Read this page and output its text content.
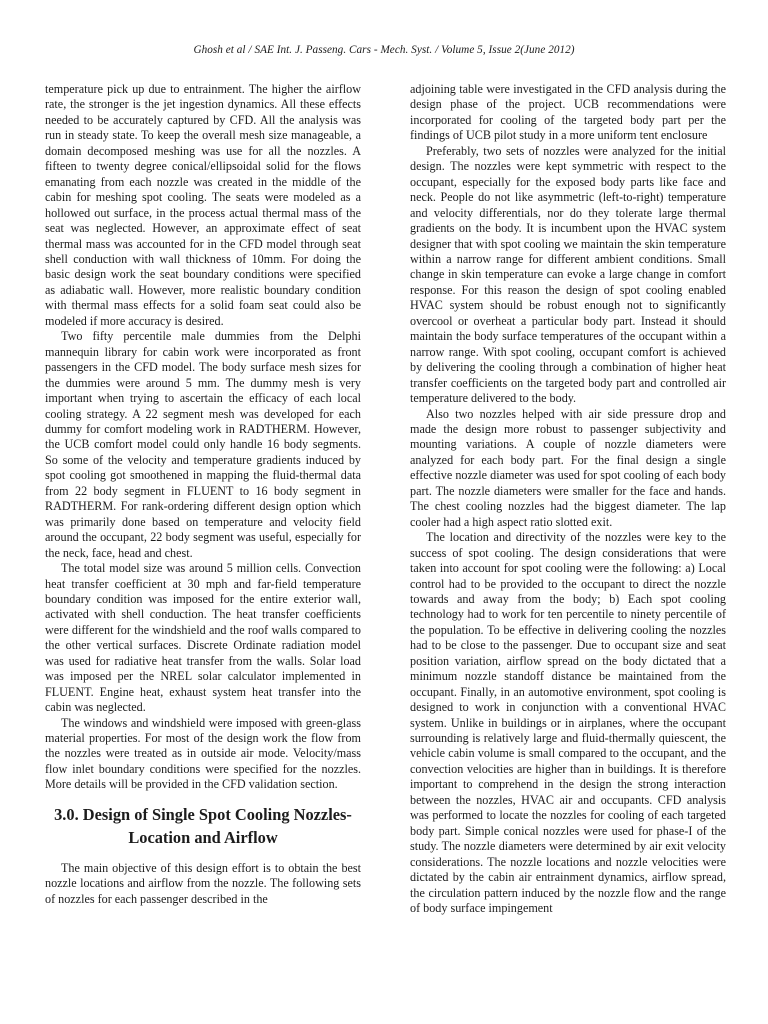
Ghosh et al / SAE Int. J. Passeng. Cars - Mech. Syst. / Volume 5, Issue 2(June 2012)

temperature pick up due to entrainment. The higher the airflow rate, the stronger is the jet ingestion dynamics. All these effects needed to be accurately captured by CFD. All the analysis was run in steady state. To keep the overall mesh size manageable, a domain decomposed meshing was use for all the nozzles. A fifteen to twenty degree conical/ellipsoidal solid for the flows emanating from each nozzle was created in the middle of the cabin for meshing spot cooling. The seats were modeled as a hollowed out surface, in the process actual thermal mass of the seat was neglected. However, an approximate effect of seat thermal mass was accounted for in the CFD model through seat shell conduction with wall thickness of 10mm. For doing the basic design work the seat boundary conditions were specified as adiabatic wall. However, more realistic boundary condition with thermal mass effects for a solid foam seat could also be modeled if more accuracy is desired.

Two fifty percentile male dummies from the Delphi mannequin library for cabin work were incorporated as front passengers in the CFD model. The body surface mesh sizes for the dummies were around 5 mm. The dummy mesh is very important when trying to ascertain the efficacy of each local cooling strategy. A 22 segment mesh was developed for each dummy for comfort modeling work in RADTHERM. However, the UCB comfort model could only handle 16 body segments. So some of the velocity and temperature gradients induced by spot cooling got smoothened in mapping the fluid-thermal data from 22 body segment in FLUENT to 16 body segment in RADTHERM. For rank-ordering different design option which was primarily done based on temperature and velocity field around the occupant, 22 body segment was useful, especially for the neck, face, head and chest.

The total model size was around 5 million cells. Convection heat transfer coefficient at 30 mph and far-field temperature boundary condition was imposed for the entire exterior wall, activated with shell conduction. The heat transfer coefficients were different for the windshield and the roof walls compared to the other vertical surfaces. Discrete Ordinate radiation model was used for radiative heat transfer from the walls. Solar load was imposed per the NREL solar calculator implemented in FLUENT. Engine heat, exhaust system heat transfer into the cabin was neglected.

The windows and windshield were imposed with green-glass material properties. For most of the design work the flow from the nozzles were treated as in outside air mode. Velocity/mass flow inlet boundary conditions were specified for the nozzles. More details will be provided in the CFD validation section.

3.0. Design of Single Spot Cooling Nozzles- Location and Airflow

The main objective of this design effort is to obtain the best nozzle locations and airflow from the nozzle. The following sets of nozzles for each passenger described in the

adjoining table were investigated in the CFD analysis during the design phase of the project. UCB recommendations were incorporated for cooling of the targeted body part per the findings of UCB pilot study in a more uniform tent enclosure

Preferably, two sets of nozzles were analyzed for the initial design. The nozzles were kept symmetric with respect to the occupant, especially for the exposed body parts like face and neck. People do not like asymmetric (left-to-right) temperature and velocity differentials, nor do they tolerate large thermal gradients on the body. It is incumbent upon the HVAC system designer that with spot cooling we maintain the skin temperature within a narrow range for different ambient conditions. Small change in skin temperature can evoke a large change in comfort response. For this reason the design of spot cooling enabled HVAC system should be robust enough not to significantly overcool or overheat a particular body part. Instead it should maintain the body surface temperatures of the occupant within a narrow range. With spot cooling, occupant comfort is achieved by delivering the cooling through a combination of higher heat transfer coefficients on the targeted body part and controlled air temperature delivered to the body.

Also two nozzles helped with air side pressure drop and made the design more robust to passenger subjectivity and mounting variations. A couple of nozzle diameters were analyzed for each body part. For the final design a single effective nozzle diameter was used for spot cooling of each body part. The nozzle diameters were smaller for the face and hands. The chest cooling nozzles had the biggest diameter. The lap cooler had a high aspect ratio slotted exit.

The location and directivity of the nozzles were key to the success of spot cooling. The design considerations that were taken into account for spot cooling were the following: a) Local control had to be provided to the occupant to direct the nozzle towards and away from the body; b) Each spot cooling technology had to work for ten percentile to ninety percentile of the population. To be effective in delivering cooling the nozzles had to be close to the passenger. Due to occupant size and seat position variation, airflow spread on the body dictated that a minimum nozzle standoff distance be maintained from the occupant. Finally, in an automotive environment, spot cooling is designed to work in conjunction with a conventional HVAC system. Unlike in buildings or in airplanes, where the occupant surrounding is relatively large and fluid-thermally quiescent, the vehicle cabin volume is small compared to the occupant, and the convection velocities are higher than in buildings. It is therefore important to comprehend in the design the strong interaction between the nozzles, HVAC air and occupants. CFD analysis was performed to locate the nozzles for cooling of each targeted body part. Simple conical nozzles were used for phase-I of the study. The nozzle diameters were determined by air exit velocity considerations. The nozzle locations and nozzle velocities were dictated by the cabin air entrainment dynamics, airflow spread, the circulation pattern induced by the nozzle flow and the range of body surface impingement
